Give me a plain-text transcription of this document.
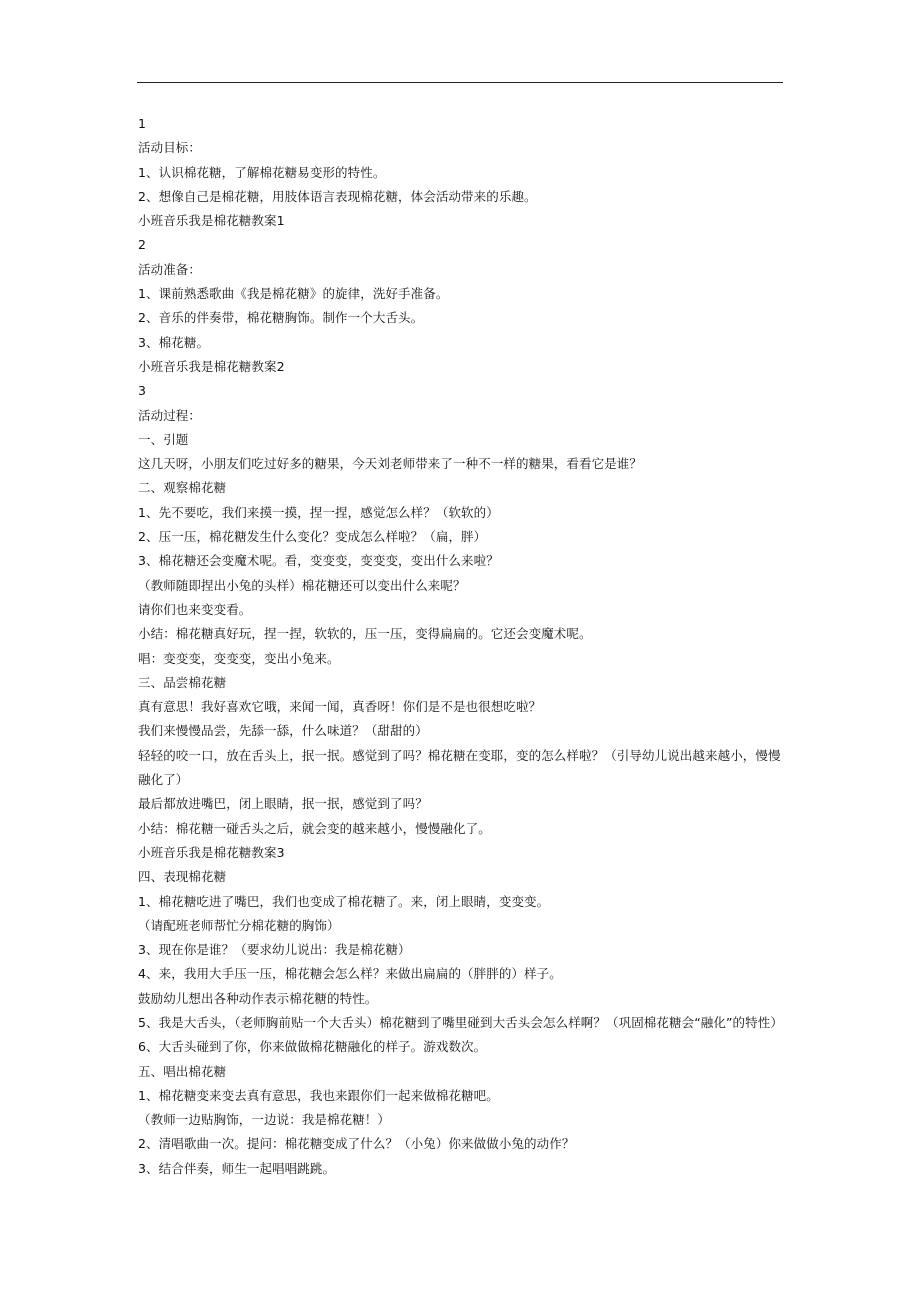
1
活动目标：
1、认识棉花糖，了解棉花糖易变形的特性。
2、想像自己是棉花糖，用肢体语言表现棉花糖，体会活动带来的乐趣。
小班音乐我是棉花糖教案1
2
活动准备：
1、课前熟悉歌曲《我是棉花糖》的旋律，洗好手准备。
2、音乐的伴奏带，棉花糖胸饰。制作一个大舌头。
3、棉花糖。
小班音乐我是棉花糖教案2
3
活动过程：
一、引题
这几天呀，小朋友们吃过好多的糖果，今天刘老师带来了一种不一样的糖果，看看它是谁？
二、观察棉花糖
1、先不要吃，我们来摸一摸，捏一捏，感觉怎么样？（软软的）
2、压一压，棉花糖发生什么变化？变成怎么样啦？（扁，胖）
3、棉花糖还会变魔术呢。看，变变变，变变变，变出什么来啦？
（教师随即捏出小兔的头样）棉花糖还可以变出什么来呢？
请你们也来变变看。
小结：棉花糖真好玩，捏一捏，软软的，压一压，变得扁扁的。它还会变魔术呢。
唱：变变变，变变变，变出小兔来。
三、品尝棉花糖
真有意思！我好喜欢它哦，来闻一闻，真香呀！你们是不是也很想吃啦？
我们来慢慢品尝，先舔一舔，什么味道？（甜甜的）
轻轻的咬一口，放在舌头上，抿一抿。感觉到了吗？棉花糖在变耶，变的怎么样啦？（引导幼儿说出越来越小，慢慢融化了）
最后都放进嘴巴，闭上眼睛，抿一抿，感觉到了吗？
小结：棉花糖一碰舌头之后，就会变的越来越小，慢慢融化了。
小班音乐我是棉花糖教案3
四、表现棉花糖
1、棉花糖吃进了嘴巴，我们也变成了棉花糖了。来，闭上眼睛，变变变。
（请配班老师帮忙分棉花糖的胸饰）
3、现在你是谁？（要求幼儿说出：我是棉花糖）
4、来，我用大手压一压，棉花糖会怎么样？来做出扁扁的（胖胖的）样子。
鼓励幼儿想出各种动作表示棉花糖的特性。
5、我是大舌头，（老师胸前贴一个大舌头）棉花糖到了嘴里碰到大舌头会怎么样啊？（巩固棉花糖会“融化”的特性）
6、大舌头碰到了你，你来做做棉花糖融化的样子。游戏数次。
五、唱出棉花糖
1、棉花糖变来变去真有意思，我也来跟你们一起来做棉花糖吧。
（教师一边贴胸饰，一边说：我是棉花糖！）
2、清唱歌曲一次。提问：棉花糖变成了什么？（小兔）你来做做小兔的动作？
3、结合伴奏，师生一起唱唱跳跳。
